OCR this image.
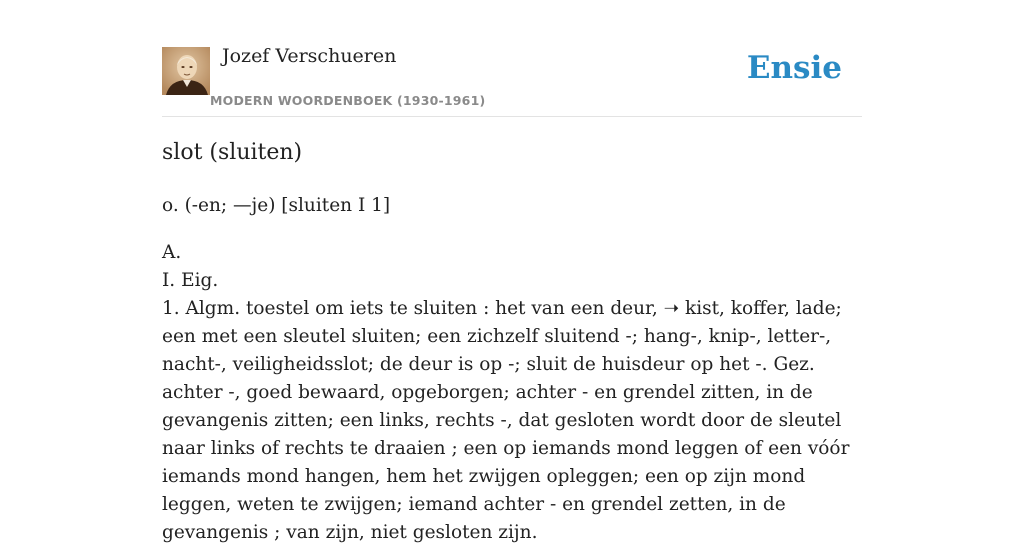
Jozef Verschueren
MODERN WOORDENBOEK (1930-1961)
Ensie
slot (sluiten)

o. (-en; —je) [sluiten I 1]

A.

I. Eig.

1. Algm. toestel om iets te sluiten : het van een deur, ➝ kist, koffer, lade; een met een sleutel sluiten; een zichzelf sluitend -; hang-, knip-, letter-, nacht-, veiligheidsslot; de deur is op -; sluit de huisdeur op het -. Gez. achter -, goed bewaard, opgeborgen; achter - en grendel zitten, in de gevangenis zitten; een links, rechts -, dat gesloten wordt door de sleutel naar links of rechts te draaien ; een op iemands mond leggen of een vóór iemands mond hangen, hem het zwijgen opleggen; een op zijn mond leggen, weten te zwijgen; iemand achter - en grendel zetten, in de gevangenis ; van zijn, niet gesloten zijn.
